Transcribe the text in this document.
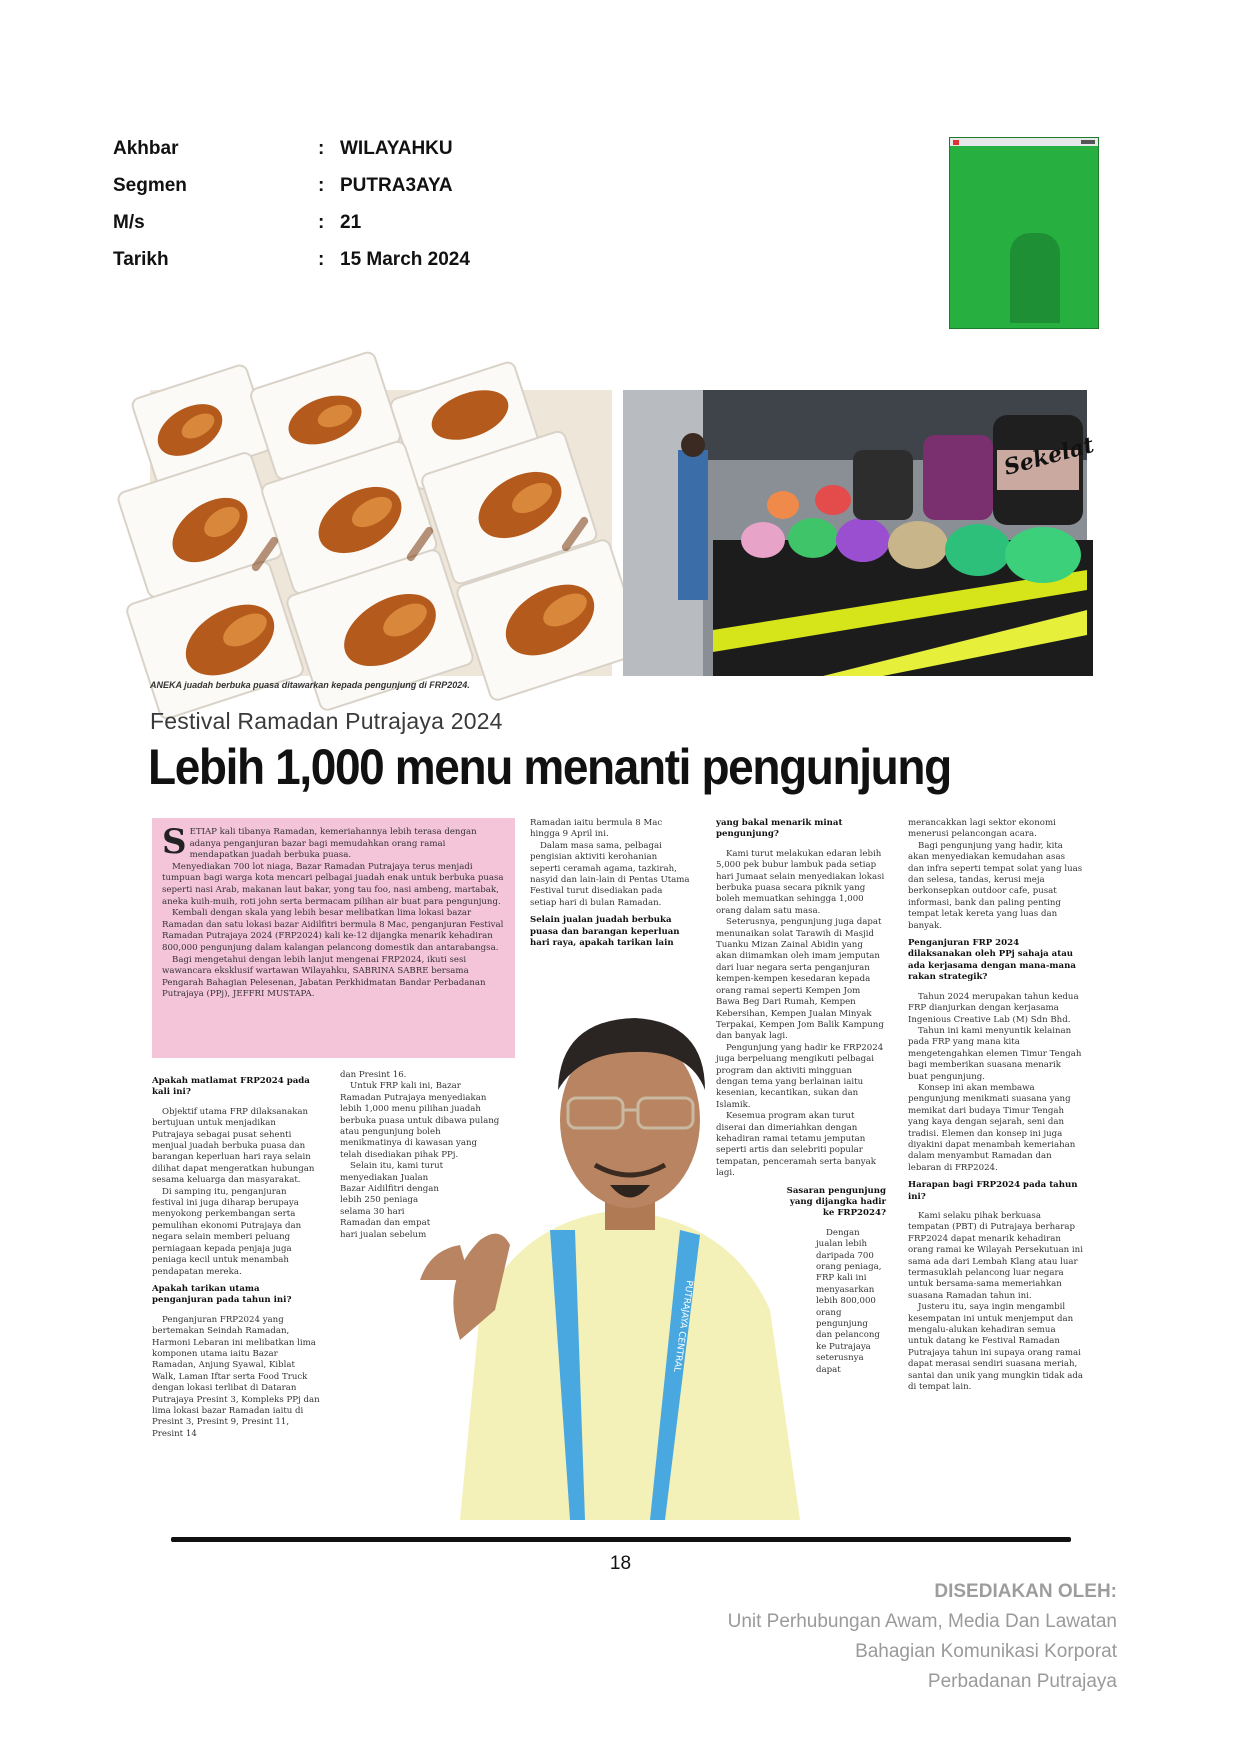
Akhbar	: WILAYAHKU
Segmen	: PUTRA3AYA
M/s	: 21
Tarikh	: 15 March 2024
Sekelat
ANEKA juadah berbuka puasa ditawarkan kepada pengunjung di FRP2024.
Festival Ramadan Putrajaya 2024
Lebih 1,000 menu menanti pengunjung

SETIAP kali tibanya Ramadan, kemeriahannya lebih terasa dengan adanya penganjuran bazar bagi memudahkan orang ramai mendapatkan juadah berbuka puasa.

Menyediakan 700 lot niaga, Bazar Ramadan Putrajaya terus menjadi tumpuan bagi warga kota mencari pelbagai juadah enak untuk berbuka puasa seperti nasi Arab, makanan laut bakar, yong tau foo, nasi ambeng, martabak, aneka kuih-muih, roti john serta bermacam pilihan air buat para pengunjung.

Kembali dengan skala yang lebih besar melibatkan lima lokasi bazar Ramadan dan satu lokasi bazar Aidilfitri bermula 8 Mac, penganjuran Festival Ramadan Putrajaya 2024 (FRP2024) kali ke-12 dijangka menarik kehadiran 800,000 pengunjung dalam kalangan pelancong domestik dan antarabangsa.

Bagi mengetahui dengan lebih lanjut mengenai FRP2024, ikuti sesi wawancara eksklusif wartawan Wilayahku, SABRINA SABRE bersama Pengarah Bahagian Pelesenan, Jabatan Perkhidmatan Bandar Perbadanan Putrajaya (PPj), JEFFRI MUSTAPA.

Apakah matlamat FRP2024 pada kali ini?

Objektif utama FRP dilaksanakan bertujuan untuk menjadikan Putrajaya sebagai pusat sehenti menjual juadah berbuka puasa dan barangan keperluan hari raya selain dilihat dapat mengeratkan hubungan sesama keluarga dan masyarakat.

Di samping itu, penganjuran festival ini juga diharap berupaya menyokong perkembangan serta pemulihan ekonomi Putrajaya dan negara selain memberi peluang perniagaan kepada penjaja juga peniaga kecil untuk menambah pendapatan mereka.

Apakah tarikan utama penganjuran pada tahun ini?

Penganjuran FRP2024 yang bertemakan Seindah Ramadan, Harmoni Lebaran ini melibatkan lima komponen utama iaitu Bazar Ramadan, Anjung Syawal, Kiblat Walk, Laman Iftar serta Food Truck dengan lokasi terlibat di Dataran Putrajaya Presint 3, Kompleks PPj dan lima lokasi bazar Ramadan iaitu di Presint 3, Presint 9, Presint 11, Presint 14

dan Presint 16.

Untuk FRP kali ini, Bazar Ramadan Putrajaya menyediakan lebih 1,000 menu pilihan juadah berbuka puasa untuk dibawa pulang atau pengunjung boleh menikmatinya di kawasan yang telah disediakan pihak PPj.

Selain itu, kami turut menyediakan Jualan Bazar Aidilfitri dengan lebih 250 peniaga selama 30 hari Ramadan dan empat hari jualan sebelum

Ramadan iaitu bermula 8 Mac hingga 9 April ini.

Dalam masa sama, pelbagai pengisian aktiviti kerohanian seperti ceramah agama, tazkirah, nasyid dan lain-lain di Pentas Utama Festival turut disediakan pada setiap hari di bulan Ramadan.

Selain jualan juadah berbuka puasa dan barangan keperluan hari raya, apakah tarikan lain

yang bakal menarik minat pengunjung?

Kami turut melakukan edaran lebih 5,000 pek bubur lambuk pada setiap hari Jumaat selain menyediakan lokasi berbuka puasa secara piknik yang boleh memuatkan sehingga 1,000 orang dalam satu masa.

Seterusnya, pengunjung juga dapat menunaikan solat Tarawih di Masjid Tuanku Mizan Zainal Abidin yang akan diimamkan oleh imam jemputan dari luar negara serta penganjuran kempen-kempen kesedaran kepada orang ramai seperti Kempen Jom Bawa Beg Dari Rumah, Kempen Kebersihan, Kempen Jualan Minyak Terpakai, Kempen Jom Balik Kampung dan banyak lagi.

Pengunjung yang hadir ke FRP2024 juga berpeluang mengikuti pelbagai program dan aktiviti mingguan dengan tema yang berlainan iaitu kesenian, kecantikan, sukan dan Islamik.

Kesemua program akan turut diserai dan dimeriahkan dengan kehadiran ramai tetamu jemputan seperti artis dan selebriti popular tempatan, penceramah serta banyak lagi.

Sasaran pengunjung yang dijangka hadir ke FRP2024?

Dengan jualan lebih daripada 700 orang peniaga, FRP kali ini menyasarkan lebih 800,000 orang pengunjung dan pelancong ke Putrajaya seterusnya dapat

merancakkan lagi sektor ekonomi menerusi pelancongan acara.

Bagi pengunjung yang hadir, kita akan menyediakan kemudahan asas dan infra seperti tempat solat yang luas dan selesa, tandas, kerusi meja berkonsepkan outdoor cafe, pusat informasi, bank dan paling penting tempat letak kereta yang luas dan banyak.

Penganjuran FRP 2024 dilaksanakan oleh PPj sahaja atau ada kerjasama dengan mana-mana rakan strategik?

Tahun 2024 merupakan tahun kedua FRP dianjurkan dengan kerjasama Ingenious Creative Lab (M) Sdn Bhd.

Tahun ini kami menyuntik kelainan pada FRP yang mana kita mengetengahkan elemen Timur Tengah bagi memberikan suasana menarik buat pengunjung.

Konsep ini akan membawa pengunjung menikmati suasana yang memikat dari budaya Timur Tengah yang kaya dengan sejarah, seni dan tradisi. Elemen dan konsep ini juga diyakini dapat menambah kemeriahan dalam menyambut Ramadan dan lebaran di FRP2024.

Harapan bagi FRP2024 pada tahun ini?

Kami selaku pihak berkuasa tempatan (PBT) di Putrajaya berharap FRP2024 dapat menarik kehadiran orang ramai ke Wilayah Persekutuan ini sama ada dari Lembah Klang atau luar termasuklah pelancong luar negara untuk bersama-sama memeriahkan suasana Ramadan tahun ini.

Justeru itu, saya ingin mengambil kesempatan ini untuk menjemput dan mengalu-alukan kehadiran semua untuk datang ke Festival Ramadan Putrajaya tahun ini supaya orang ramai dapat merasai sendiri suasana meriah, santai dan unik yang mungkin tidak ada di tempat lain.

PUTRAJAYA CENTRAL
18
DISEDIAKAN OLEH:
Unit Perhubungan Awam, Media Dan Lawatan
Bahagian Komunikasi Korporat
Perbadanan Putrajaya
